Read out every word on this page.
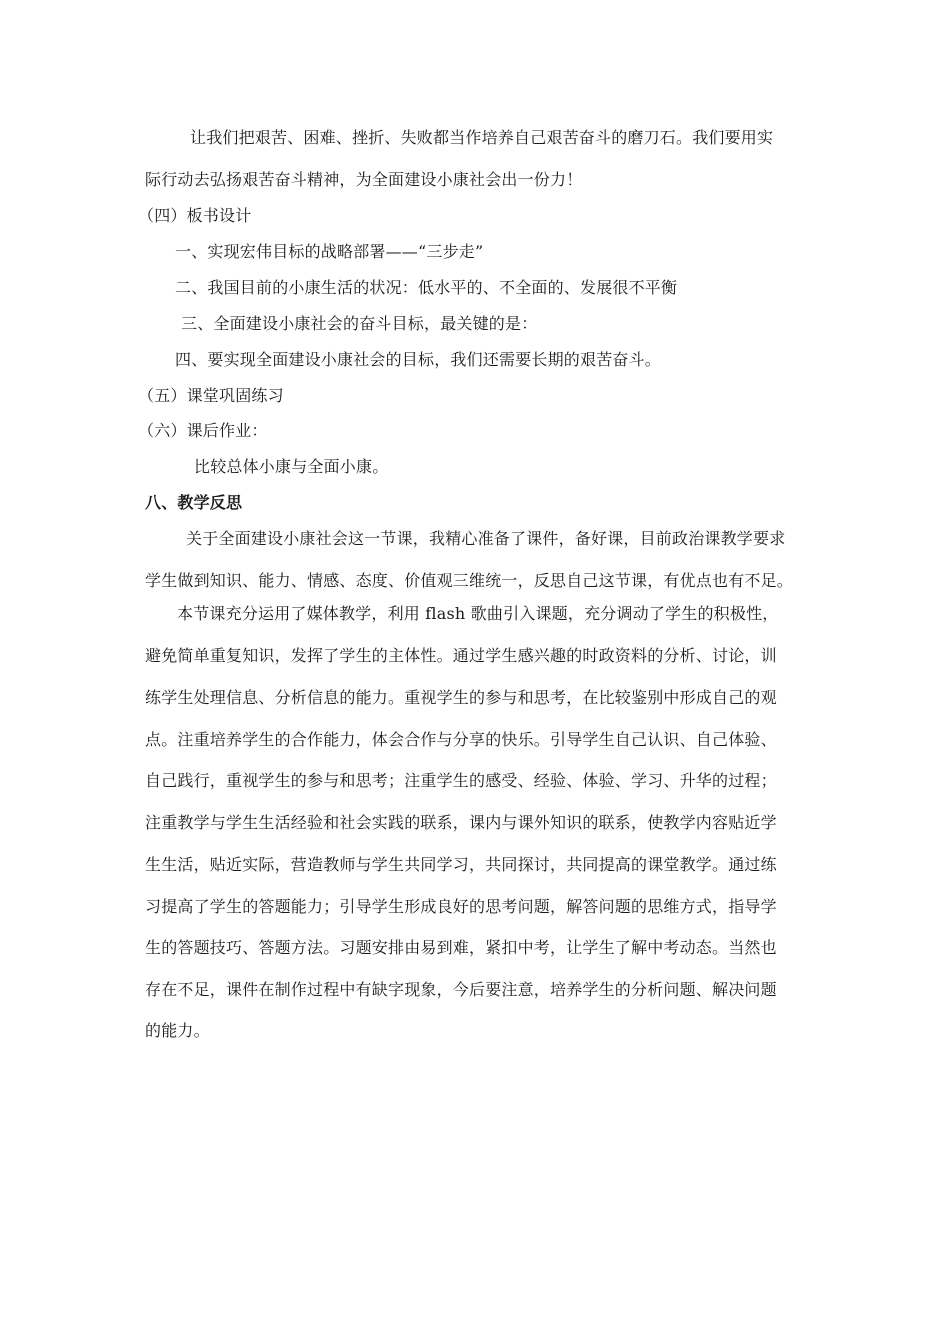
让我们把艰苦、困难、挫折、失败都当作培养自己艰苦奋斗的磨刀石。我们要用实
际行动去弘扬艰苦奋斗精神，为全面建设小康社会出一份力！
（四）板书设计
一、实现宏伟目标的战略部署——“三步走”
二、我国目前的小康生活的状况：低水平的、不全面的、发展很不平衡
三、全面建设小康社会的奋斗目标，最关键的是：
四、要实现全面建设小康社会的目标，我们还需要长期的艰苦奋斗。
（五）课堂巩固练习
（六）课后作业：
比较总体小康与全面小康。
八、教学反思
关于全面建设小康社会这一节课，我精心准备了课件，备好课，目前政治课教学要求
学生做到知识、能力、情感、态度、价值观三维统一，反思自己这节课，有优点也有不足。
本节课充分运用了媒体教学，利用 flash 歌曲引入课题，充分调动了学生的积极性，
避免简单重复知识，发挥了学生的主体性。通过学生感兴趣的时政资料的分析、讨论，训
练学生处理信息、分析信息的能力。重视学生的参与和思考，在比较鉴别中形成自己的观
点。注重培养学生的合作能力，体会合作与分享的快乐。引导学生自己认识、自己体验、
自己践行，重视学生的参与和思考；注重学生的感受、经验、体验、学习、升华的过程；
注重教学与学生生活经验和社会实践的联系，课内与课外知识的联系，使教学内容贴近学
生生活，贴近实际，营造教师与学生共同学习，共同探讨，共同提高的课堂教学。通过练
习提高了学生的答题能力；引导学生形成良好的思考问题，解答问题的思维方式，指导学
生的答题技巧、答题方法。习题安排由易到难，紧扣中考，让学生了解中考动态。当然也
存在不足，课件在制作过程中有缺字现象，今后要注意，培养学生的分析问题、解决问题
的能力。
